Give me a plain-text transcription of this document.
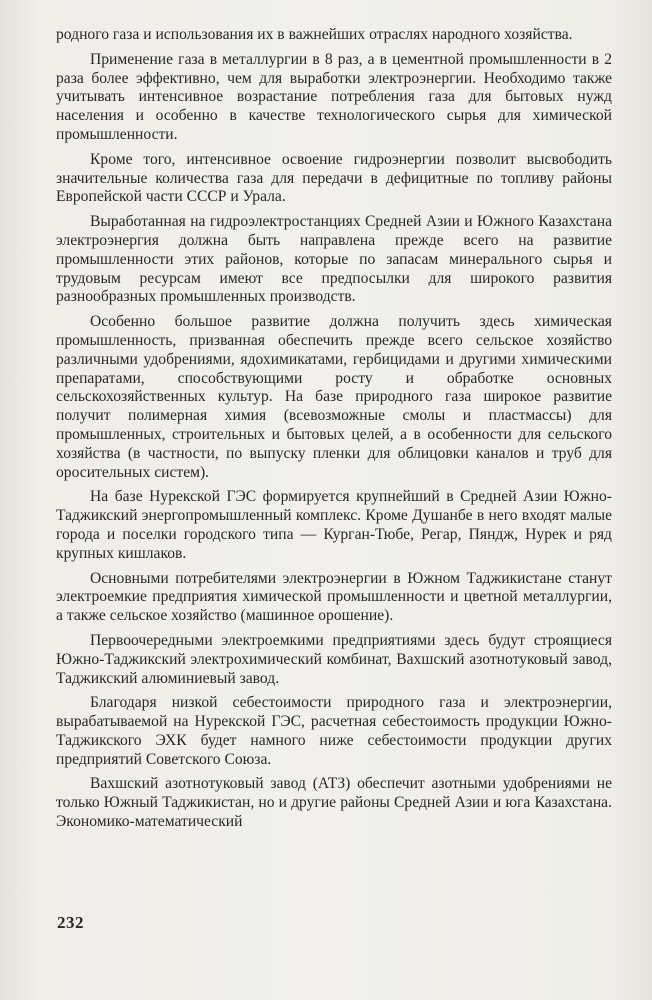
родного газа и использования их в важнейших отраслях народного хозяйства.

Применение газа в металлургии в 8 раз, а в цементной промышленности в 2 раза более эффективно, чем для выработки электроэнергии. Необходимо также учитывать интенсивное возрастание потребления газа для бытовых нужд населения и особенно в качестве технологического сырья для химической промышленности.

Кроме того, интенсивное освоение гидроэнергии позволит высвободить значительные количества газа для передачи в дефицитные по топливу районы Европейской части СССР и Урала.

Выработанная на гидроэлектростанциях Средней Азии и Южного Казахстана электроэнергия должна быть направлена прежде всего на развитие промышленности этих районов, которые по запасам минерального сырья и трудовым ресурсам имеют все предпосылки для широкого развития разнообразных промышленных производств.

Особенно большое развитие должна получить здесь химическая промышленность, призванная обеспечить прежде всего сельское хозяйство различными удобрениями, ядохимикатами, гербицидами и другими химическими препаратами, способствующими росту и обработке основных сельскохозяйственных культур. На базе природного газа широкое развитие получит полимерная химия (всевозможные смолы и пластмассы) для промышленных, строительных и бытовых целей, а в особенности для сельского хозяйства (в частности, по выпуску пленки для облицовки каналов и труб для оросительных систем).

На базе Нурекской ГЭС формируется крупнейший в Средней Азии Южно-Таджикский энергопромышленный комплекс. Кроме Душанбе в него входят малые города и поселки городского типа — Курган-Тюбе, Регар, Пяндж, Нурек и ряд крупных кишлаков.

Основными потребителями электроэнергии в Южном Таджикистане станут электроемкие предприятия химической промышленности и цветной металлургии, а также сельское хозяйство (машинное орошение).

Первоочередными электроемкими предприятиями здесь будут строящиеся Южно-Таджикский электрохимический комбинат, Вахшский азотнотуковый завод, Таджикский алюминиевый завод.

Благодаря низкой себестоимости природного газа и электроэнергии, вырабатываемой на Нурекской ГЭС, расчетная себестоимость продукции Южно-Таджикского ЭХК будет намного ниже себестоимости продукции других предприятий Советского Союза.

Вахшский азотнотуковый завод (АТЗ) обеспечит азотными удобрениями не только Южный Таджикистан, но и другие районы Средней Азии и юга Казахстана. Экономико-математический

232
